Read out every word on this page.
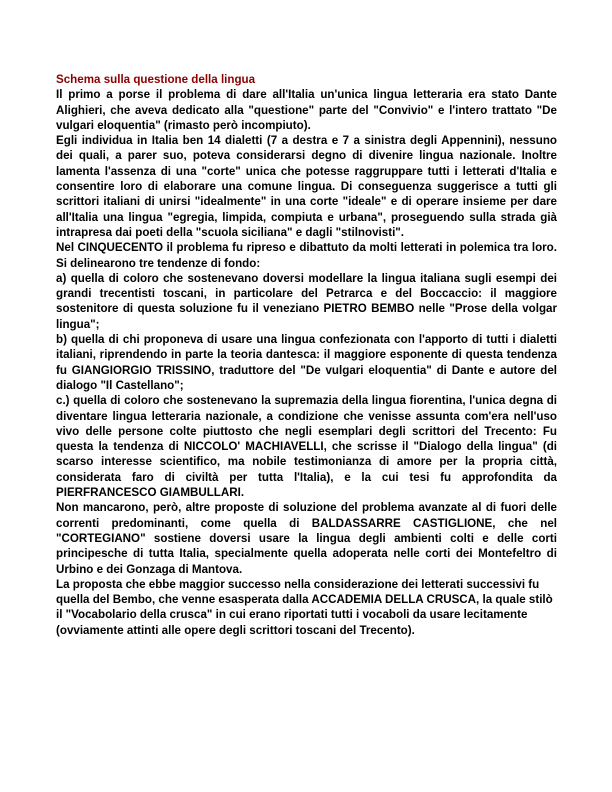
Schema sulla questione della lingua

Il primo a porse il problema di dare all'Italia un'unica lingua letteraria era stato Dante Alighieri, che aveva dedicato alla "questione" parte del "Convivio" e l'intero trattato "De vulgari eloquentia" (rimasto però incompiuto).

Egli individua in Italia ben 14 dialetti (7 a destra e 7 a sinistra degli Appennini), nessuno dei quali, a parer suo, poteva considerarsi degno di divenire lingua nazionale. Inoltre lamenta l'assenza di una "corte" unica che potesse raggruppare tutti i letterati d'Italia e consentire loro di elaborare una comune lingua. Di conseguenza suggerisce a tutti gli scrittori italiani di unirsi "idealmente" in una corte "ideale" e di operare insieme per dare all'Italia una lingua "egregia, limpida, compiuta e urbana", proseguendo sulla strada già intrapresa dai poeti della "scuola siciliana" e dagli "stilnovisti".

Nel CINQUECENTO il problema fu ripreso e dibattuto da molti letterati in polemica tra loro. Si delinearono tre tendenze di fondo:

a) quella di coloro che sostenevano doversi modellare la lingua italiana sugli esempi dei grandi trecentisti toscani, in particolare del Petrarca e del Boccaccio: il maggiore sostenitore di questa soluzione fu il veneziano PIETRO BEMBO nelle "Prose della volgar lingua";

b) quella di chi proponeva di usare una lingua confezionata con l'apporto di tutti i dialetti italiani, riprendendo in parte la teoria dantesca: il maggiore esponente di questa tendenza fu GIANGIORGIO TRISSINO, traduttore del "De vulgari eloquentia" di Dante e autore del dialogo "Il Castellano";

c.) quella di coloro che sostenevano la supremazia della lingua fiorentina, l'unica degna di diventare lingua letteraria nazionale, a condizione che venisse assunta com'era nell'uso vivo delle persone colte piuttosto che negli esemplari degli scrittori del Trecento: Fu questa la tendenza di NICCOLO' MACHIAVELLI, che scrisse il "Dialogo della lingua" (di scarso interesse scientifico, ma nobile testimonianza di amore per la propria città, considerata faro di civiltà per tutta l'Italia), e la cui tesi fu approfondita da PIERFRANCESCO GIAMBULLARI.

Non mancarono, però, altre proposte di soluzione del problema avanzate al di fuori delle correnti predominanti, come quella di BALDASSARRE CASTIGLIONE, che nel "CORTEGIANO" sostiene doversi usare la lingua degli ambienti colti e delle corti principesche di tutta Italia, specialmente quella adoperata nelle corti dei Montefeltro di Urbino e dei Gonzaga di Mantova.

La proposta che ebbe maggior successo nella considerazione dei letterati successivi fu quella del Bembo, che venne esasperata dalla ACCADEMIA DELLA CRUSCA, la quale stilò il "Vocabolario della crusca" in cui erano riportati tutti i vocaboli da usare lecitamente (ovviamente attinti alle opere degli scrittori toscani del Trecento).
